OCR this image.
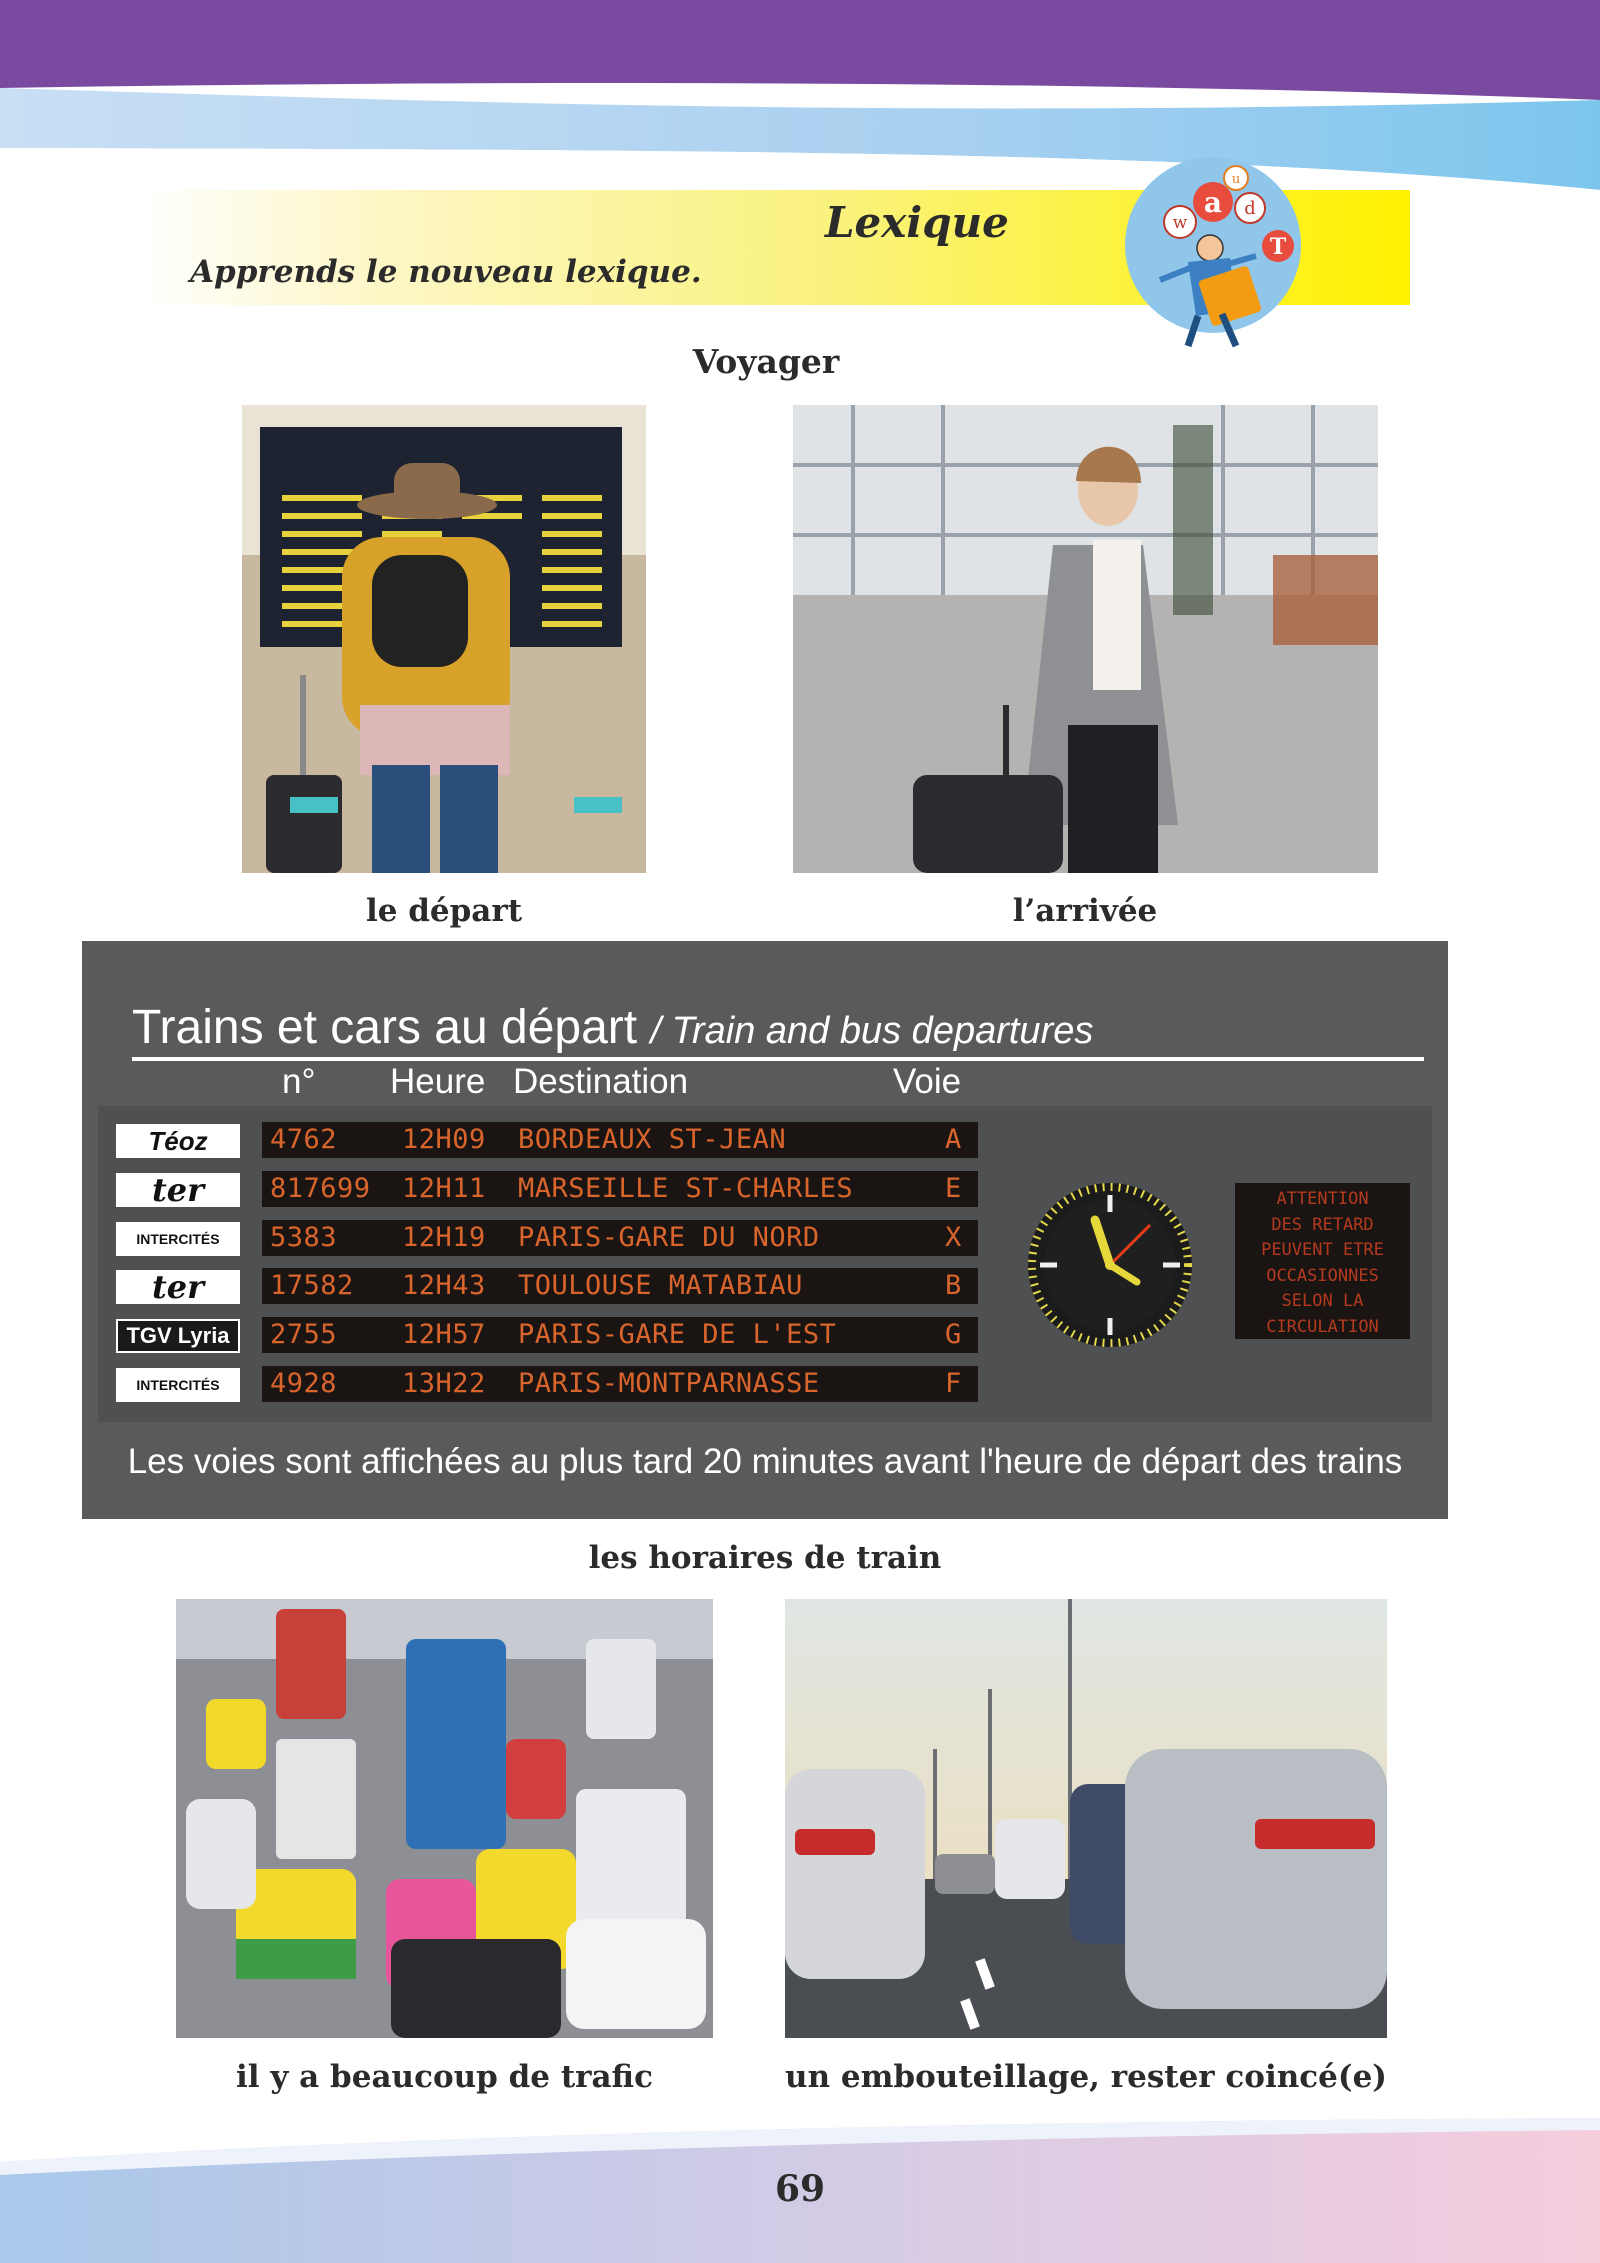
Lexique
Apprends le nouveau lexique.
w
a
u
d
T
Voyager
le départ	l’arrivée
Trains et cars au départ / Train and bus departures
n° Heure Destination	Voie
Téoz	4762 12H09 BORDEAUX ST-JEAN	A
ter	817699 12H11 MARSEILLE ST-CHARLES	E
INTERCITÉS	5383 12H19 PARIS-GARE DU NORD	X
ter	17582 12H43 TOULOUSE MATABIAU	B
TGV Lyria	2755 12H57 PARIS-GARE DE L'EST	G
INTERCITÉS	4928 13H22 PARIS-MONTPARNASSE	F
ATTENTION
DES RETARD
PEUVENT ETRE
OCCASIONNES
SELON LA
CIRCULATION
Les voies sont affichées au plus tard 20 minutes avant l'heure de départ des trains
les horaires de train
il y a beaucoup de trafic	un embouteillage, rester coincé(e)
69
